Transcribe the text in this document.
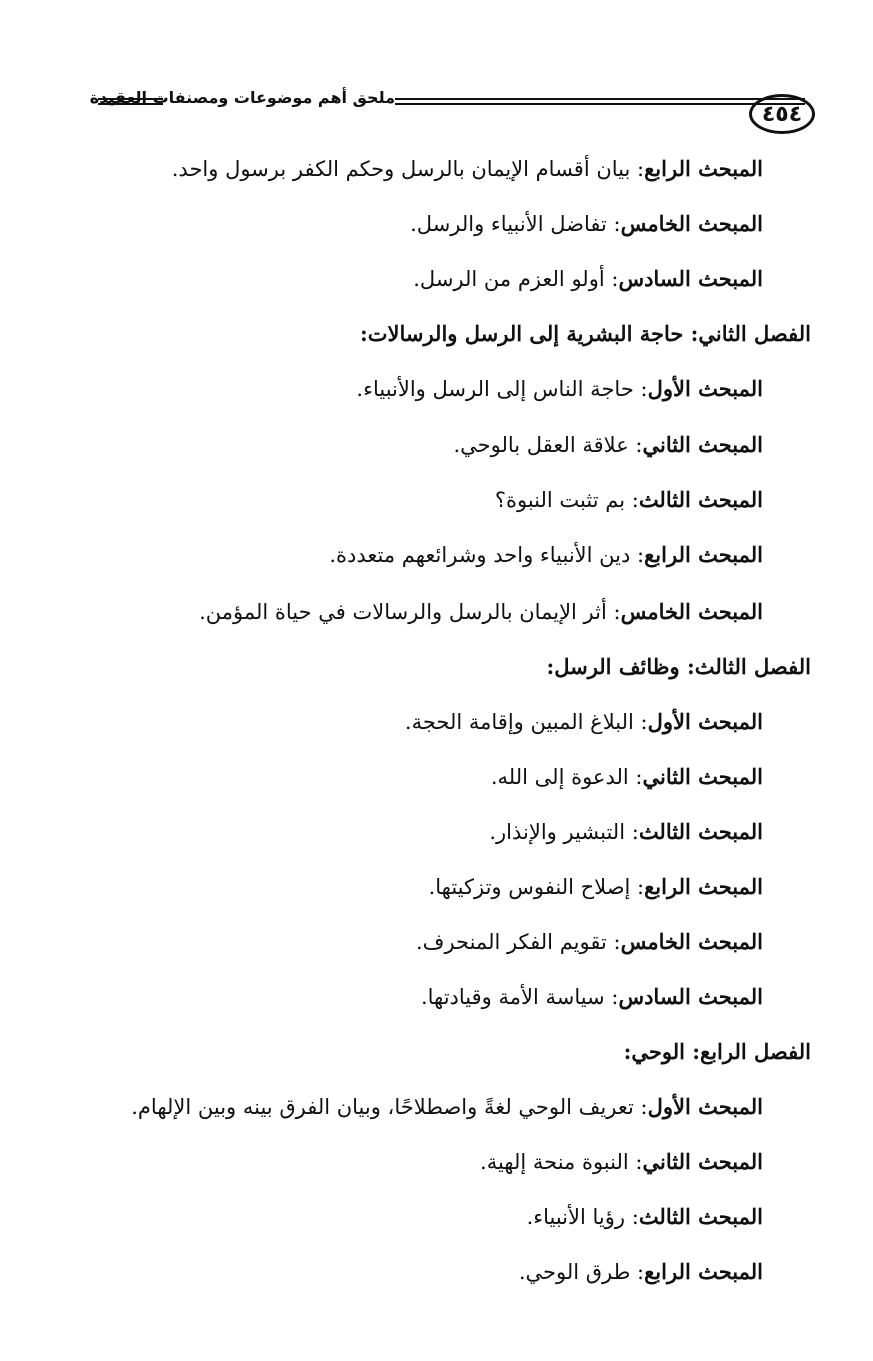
٤٥٤
ملحق أهم موضوعات ومصنفات العقيدة
المبحث الرابع: بيان أقسام الإيمان بالرسل وحكم الكفر برسول واحد.
المبحث الخامس: تفاضل الأنبياء والرسل.
المبحث السادس: أولو العزم من الرسل.
الفصل الثاني: حاجة البشرية إلى الرسل والرسالات:
المبحث الأول: حاجة الناس إلى الرسل والأنبياء.
المبحث الثاني: علاقة العقل بالوحي.
المبحث الثالث: بم تثبت النبوة؟
المبحث الرابع: دين الأنبياء واحد وشرائعهم متعددة.
المبحث الخامس: أثر الإيمان بالرسل والرسالات في حياة المؤمن.
الفصل الثالث: وظائف الرسل:
المبحث الأول: البلاغ المبين وإقامة الحجة.
المبحث الثاني: الدعوة إلى الله.
المبحث الثالث: التبشير والإنذار.
المبحث الرابع: إصلاح النفوس وتزكيتها.
المبحث الخامس: تقويم الفكر المنحرف.
المبحث السادس: سياسة الأمة وقيادتها.
الفصل الرابع: الوحي:
المبحث الأول: تعريف الوحي لغةً واصطلاحًا، وبيان الفرق بينه وبين الإلهام.
المبحث الثاني: النبوة منحة إلهية.
المبحث الثالث: رؤيا الأنبياء.
المبحث الرابع: طرق الوحي.
